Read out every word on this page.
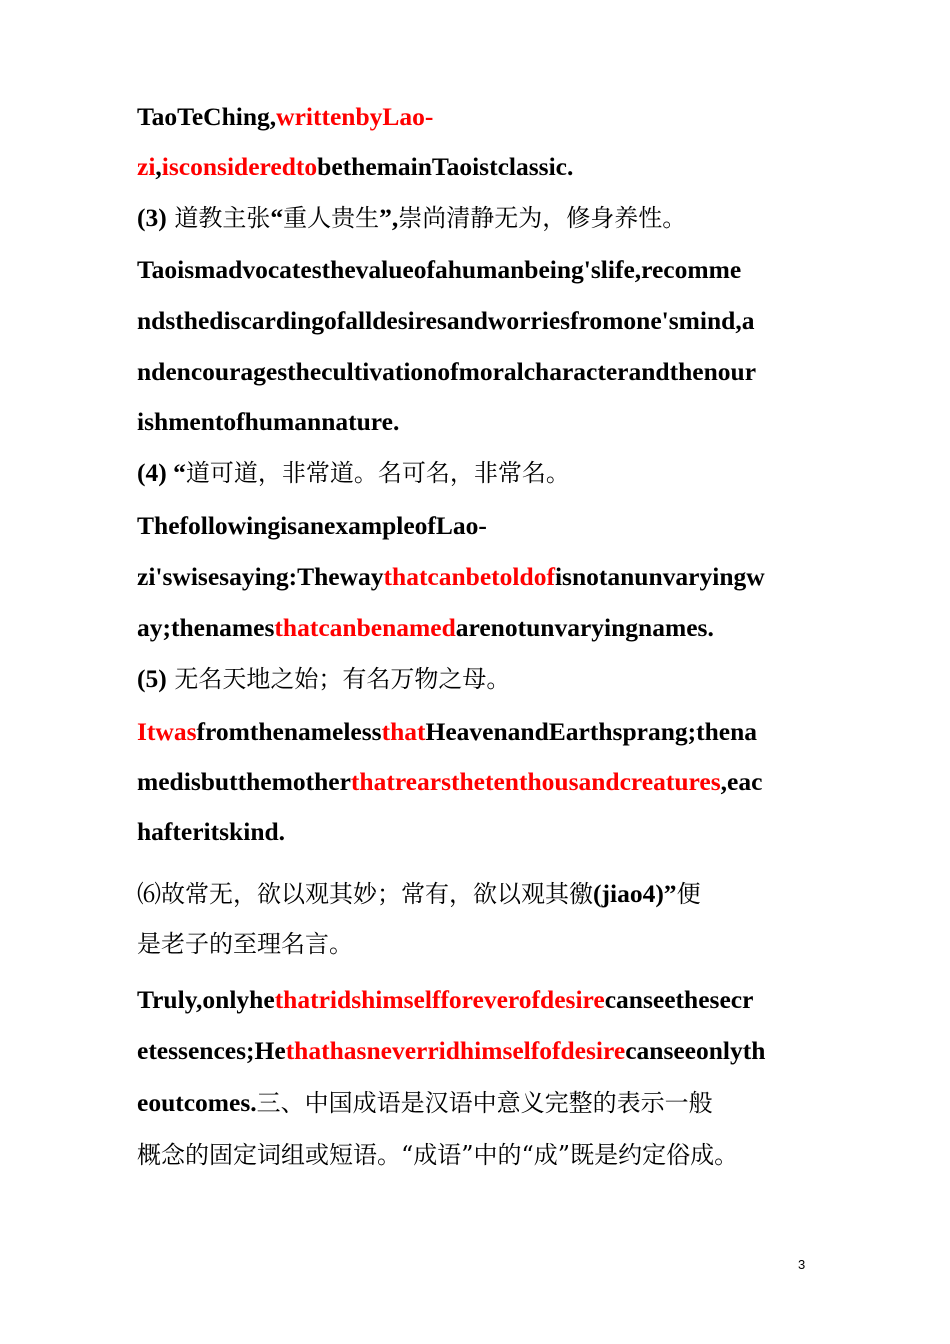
TaoTeChing,writtenbyLao-
zi,isconsideredtobethemainTaoistclassic.
(3) 道教主张“重人贵生”,崇尚清静无为，修身养性。
Taoismadvocatesthevalueofahumanbeing'slife,recomme
ndsthediscardingofalldesiresandworriesfromone'smind,a
ndencouragesthecultivationofmoralcharacterandthenour
ishmentofhumannature.
(4) “道可道，非常道。名可名，非常名。
ThefollowingisanexampleofLao-
zi'swisesaying:Thewaythatcanbetoldofisnotanunvaryingw
ay;thenamesthatcanbenamedarenotunvaryingnames.
(5) 无名天地之始；有名万物之母。
ItwasfromthenamelessthatHeavenandEarthsprang;thena
medisbutthemotherthatrearsthetenthousandcreatures,eac
hafteritskind.
⑹故常无，欲以观其妙；常有，欲以观其徼(jiao4)”便
是老子的至理名言。
Truly,onlyhethatridshimselfforeverofdesirecanseethesecr
etessences;Hethathasneverridhimselfofdesirecanseeonlyth
eoutcomes.三、中国成语是汉语中意义完整的表示一般
概念的固定词组或短语。“成语”中的“成”既是约定俗成。
3
